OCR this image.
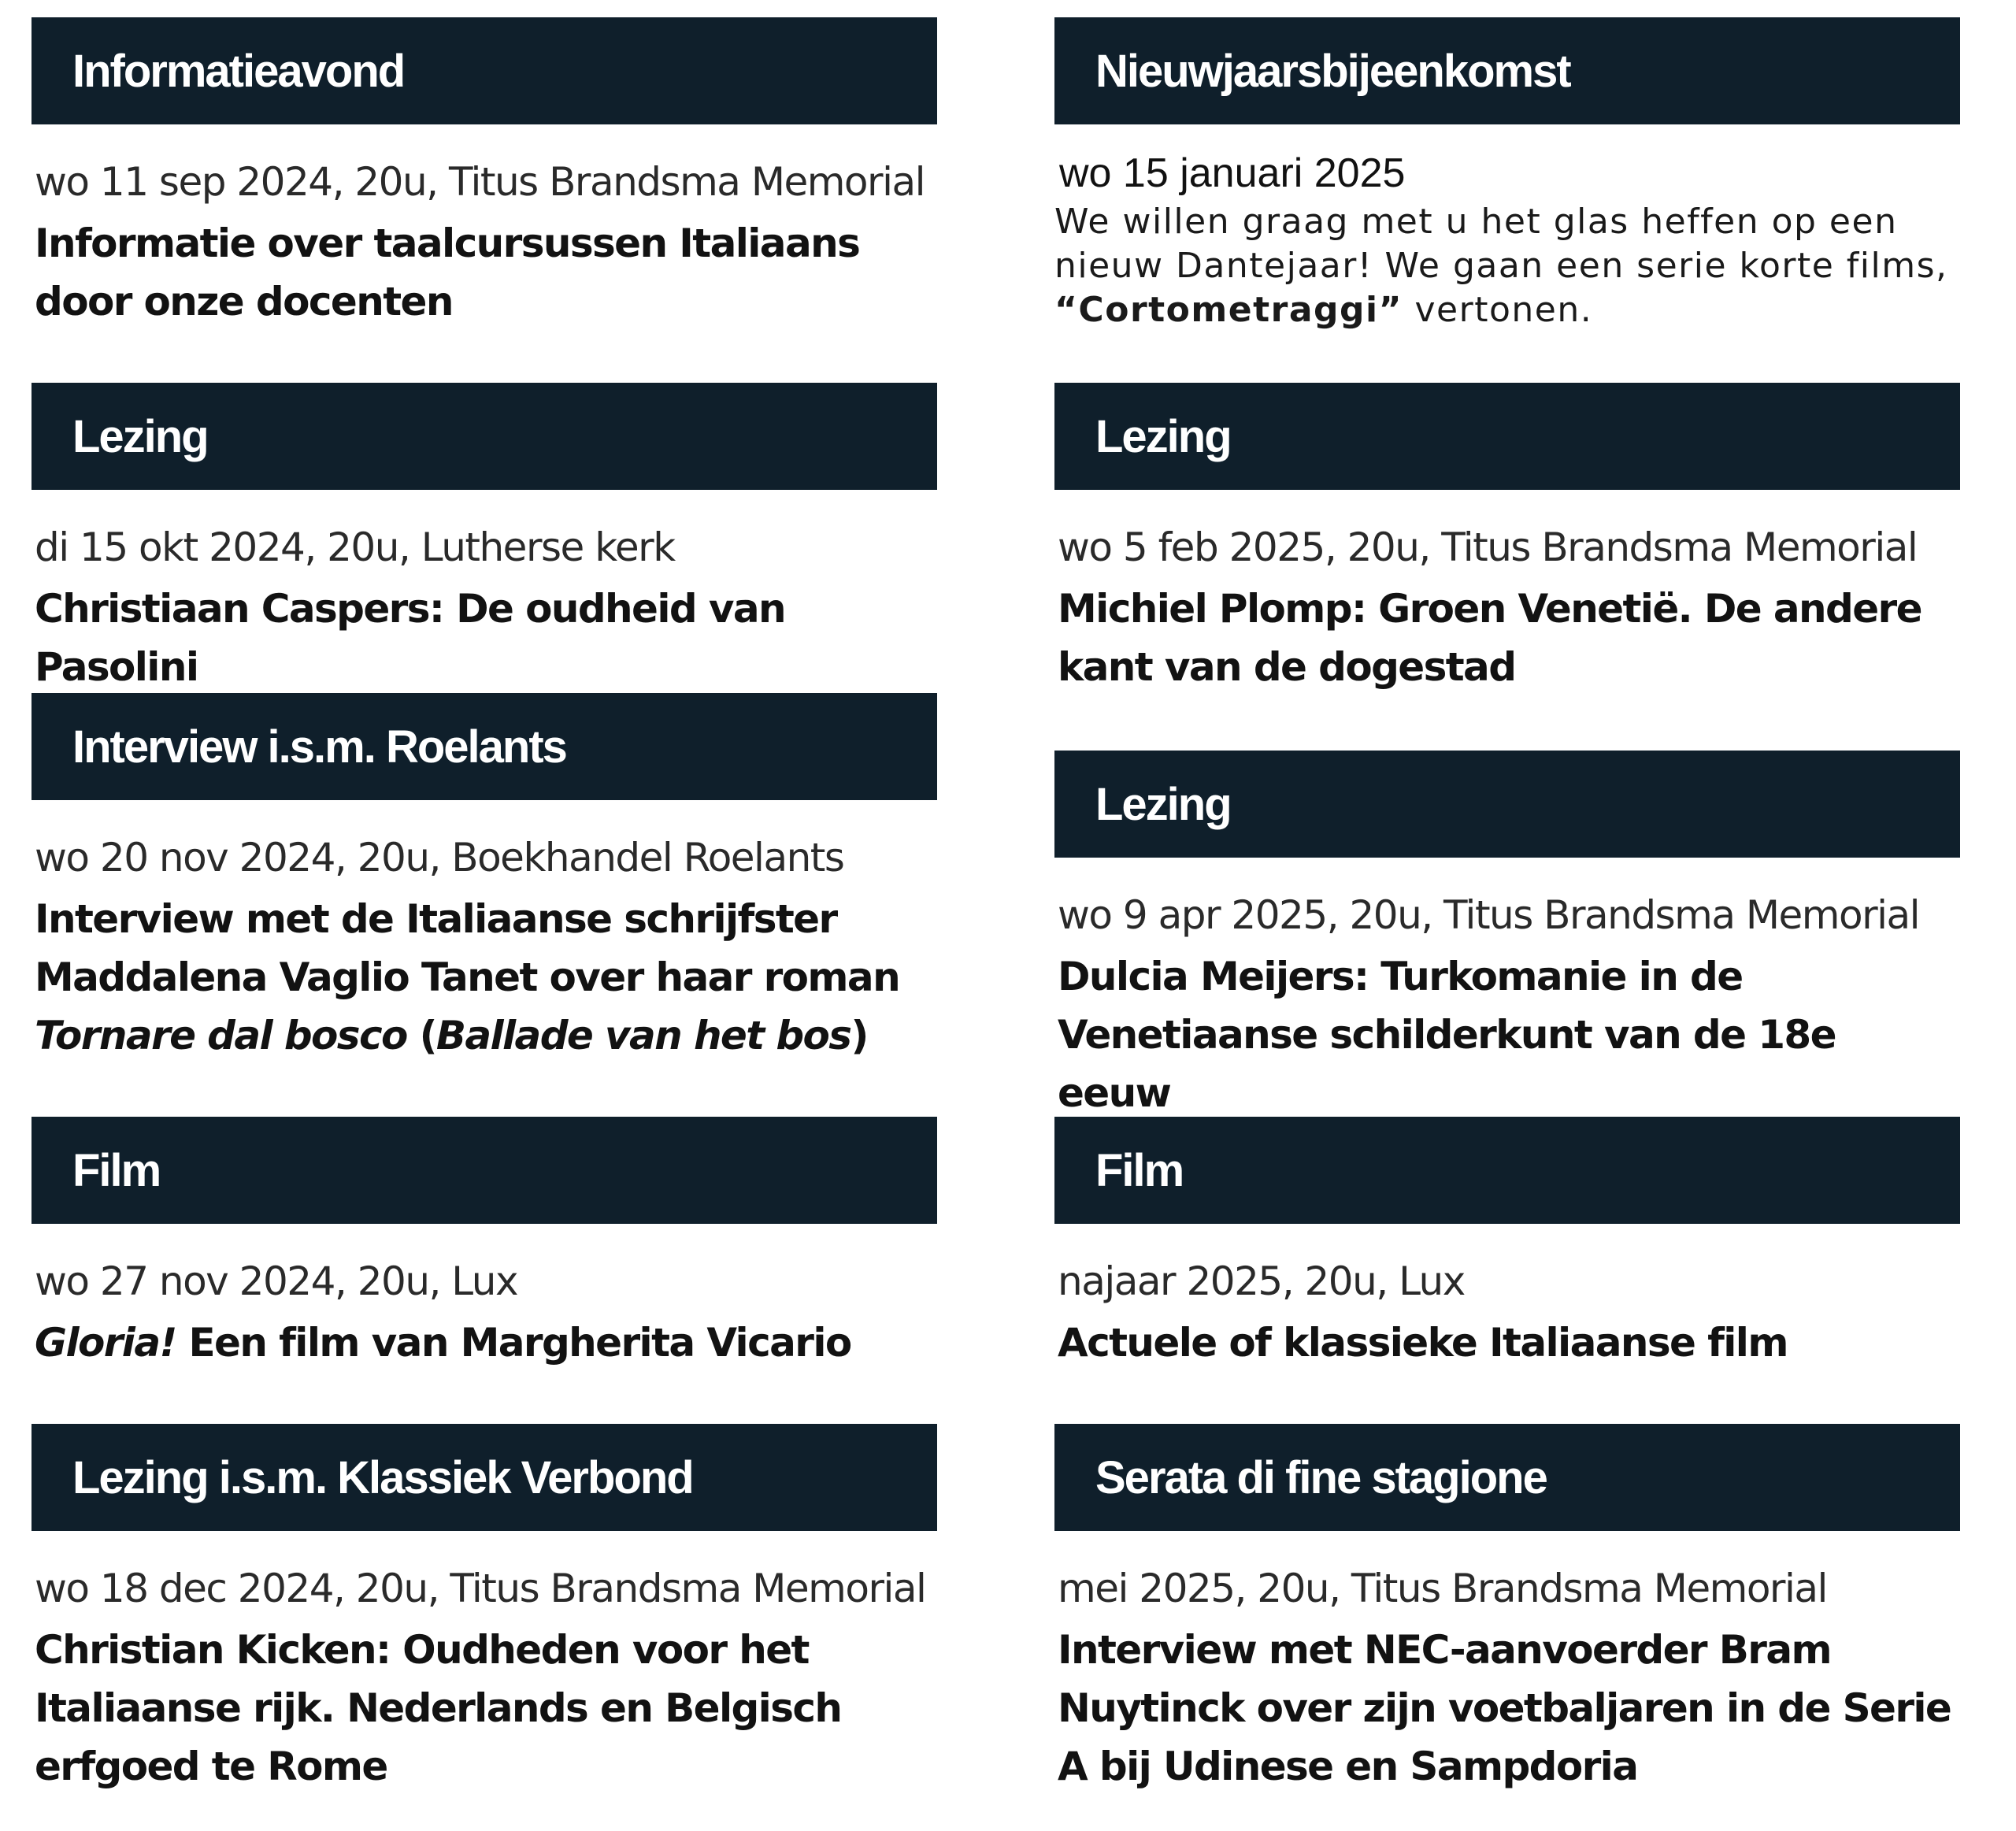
Informatieavond
wo 11 sep 2024, 20u, Titus Brandsma Memorial
Informatie over taalcursussen Italiaans door onze docenten
Lezing
di 15 okt 2024, 20u, Lutherse kerk
Christiaan Caspers: De oudheid van Pasolini
Interview i.s.m. Roelants
wo 20 nov 2024, 20u, Boekhandel Roelants
Interview met de Italiaanse schrijfster Maddalena Vaglio Tanet over haar roman Tornare dal bosco (Ballade van het bos)
Film
wo 27 nov 2024, 20u, Lux
Gloria! Een film van Margherita Vicario
Lezing i.s.m. Klassiek Verbond
wo 18 dec 2024, 20u, Titus Brandsma Memorial
Christian Kicken: Oudheden voor het Italiaanse rijk. Nederlands en Belgisch erfgoed te Rome
Nieuwjaarsbijeenkomst
wo 15 januari 2025
We willen graag met u het glas heffen op een nieuw Dantejaar! We gaan een serie korte films, “Cortometraggi” vertonen.
Lezing
wo 5 feb 2025, 20u, Titus Brandsma Memorial
Michiel Plomp: Groen Venetië. De andere kant van de dogestad
Lezing
wo 9 apr 2025, 20u, Titus Brandsma Memorial
Dulcia Meijers: Turkomanie in de Venetiaanse schilderkunt van de 18e eeuw
Film
najaar 2025, 20u, Lux
Actuele of klassieke Italiaanse film
Serata di fine stagione
mei 2025, 20u, Titus Brandsma Memorial
Interview met NEC-aanvoerder Bram Nuytinck over zijn voetbaljaren in de Serie A bij Udinese en Sampdoria
